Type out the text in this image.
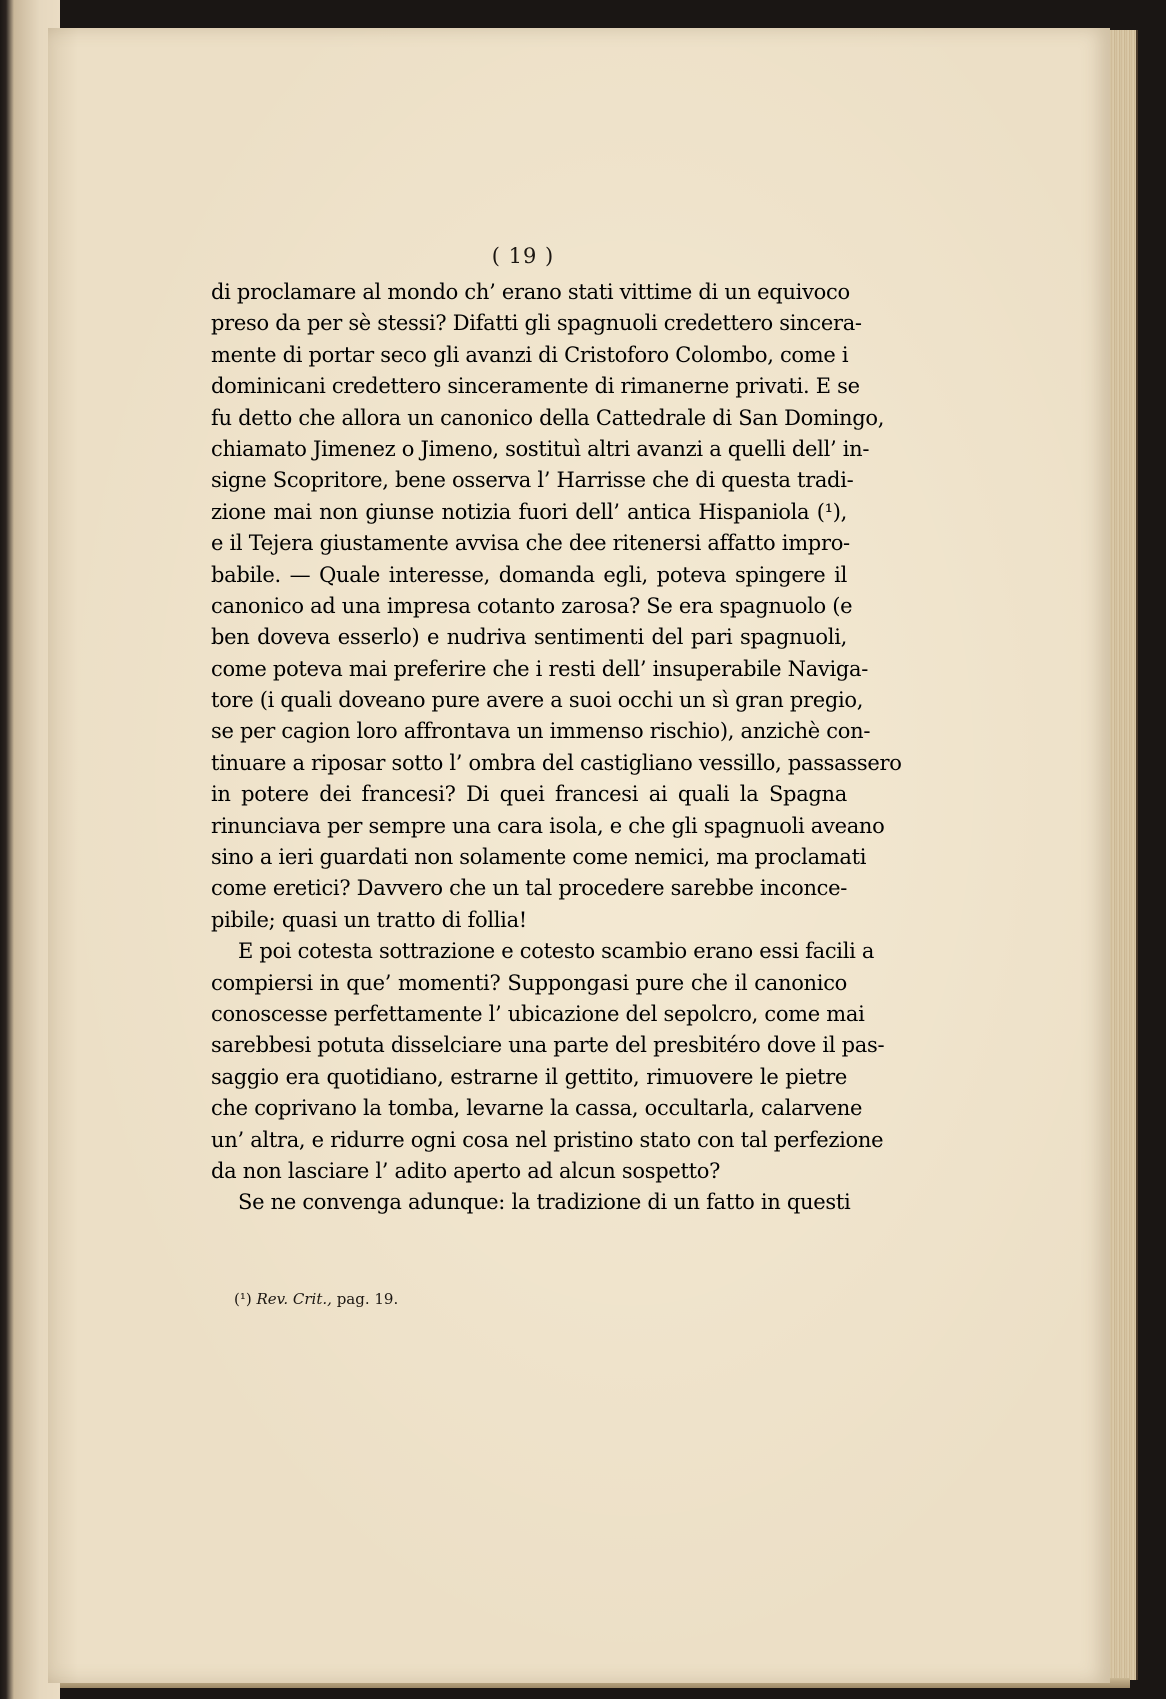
( 19 )
di proclamare al mondo ch’ erano stati vittime di un equivoco
preso da per sè stessi? Difatti gli spagnuoli credettero sincera-
mente di portar seco gli avanzi di Cristoforo Colombo, come i
dominicani credettero sinceramente di rimanerne privati. E se
fu detto che allora un canonico della Cattedrale di San Domingo,
chiamato Jimenez o Jimeno, sostituì altri avanzi a quelli dell’ in-
signe Scopritore, bene osserva l’ Harrisse che di questa tradi-
zione mai non giunse notizia fuori dell’ antica Hispaniola (¹),
e il Tejera giustamente avvisa che dee ritenersi affatto impro-
babile. — Quale interesse, domanda egli, poteva spingere il
canonico ad una impresa cotanto zarosa? Se era spagnuolo (e
ben doveva esserlo) e nudriva sentimenti del pari spagnuoli,
come poteva mai preferire che i resti dell’ insuperabile Naviga-
tore (i quali doveano pure avere a suoi occhi un sì gran pregio,
se per cagion loro affrontava un immenso rischio), anzichè con-
tinuare a riposar sotto l’ ombra del castigliano vessillo, passassero
in potere dei francesi? Di quei francesi ai quali la Spagna
rinunciava per sempre una cara isola, e che gli spagnuoli aveano
sino a ieri guardati non solamente come nemici, ma proclamati
come eretici? Davvero che un tal procedere sarebbe inconce-
pibile; quasi un tratto di follia!
E poi cotesta sottrazione e cotesto scambio erano essi facili a
compiersi in que’ momenti? Suppongasi pure che il canonico
conoscesse perfettamente l’ ubicazione del sepolcro, come mai
sarebbesi potuta disselciare una parte del presbitéro dove il pas-
saggio era quotidiano, estrarne il gettito, rimuovere le pietre
che coprivano la tomba, levarne la cassa, occultarla, calarvene
un’ altra, e ridurre ogni cosa nel pristino stato con tal perfezione
da non lasciare l’ adito aperto ad alcun sospetto?
Se ne convenga adunque: la tradizione di un fatto in questi
(¹) Rev. Crit., pag. 19.
